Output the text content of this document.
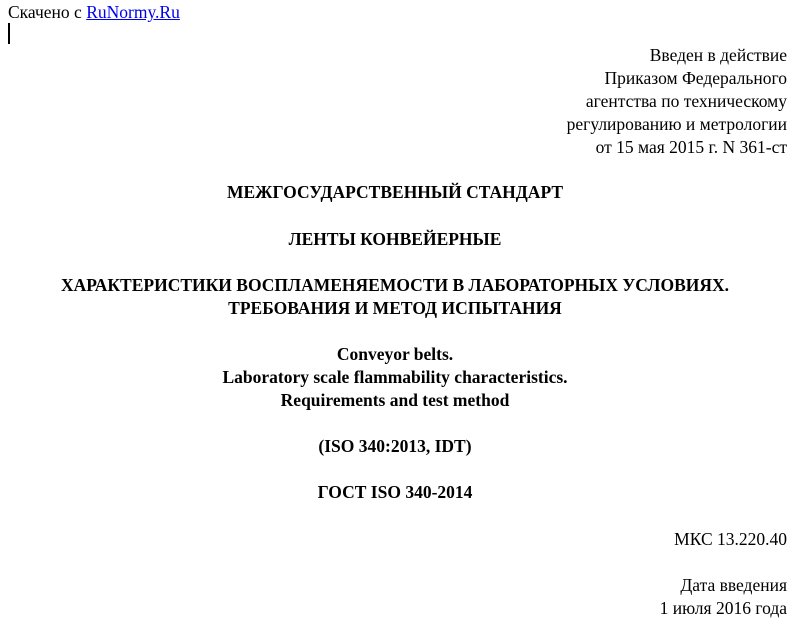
Скачено с RuNormy.Ru
Введен в действие
Приказом Федерального
агентства по техническому
регулированию и метрологии
от 15 мая 2015 г. N 361-ст
МЕЖГОСУДАРСТВЕННЫЙ СТАНДАРТ
ЛЕНТЫ КОНВЕЙЕРНЫЕ
ХАРАКТЕРИСТИКИ ВОСПЛАМЕНЯЕМОСТИ В ЛАБОРАТОРНЫХ УСЛОВИЯХ.
ТРЕБОВАНИЯ И МЕТОД ИСПЫТАНИЯ
Conveyor belts.
Laboratory scale flammability characteristics.
Requirements and test method
(ISO 340:2013, IDT)
ГОСТ ISO 340-2014
МКС 13.220.40
Дата введения
1 июля 2016 года
